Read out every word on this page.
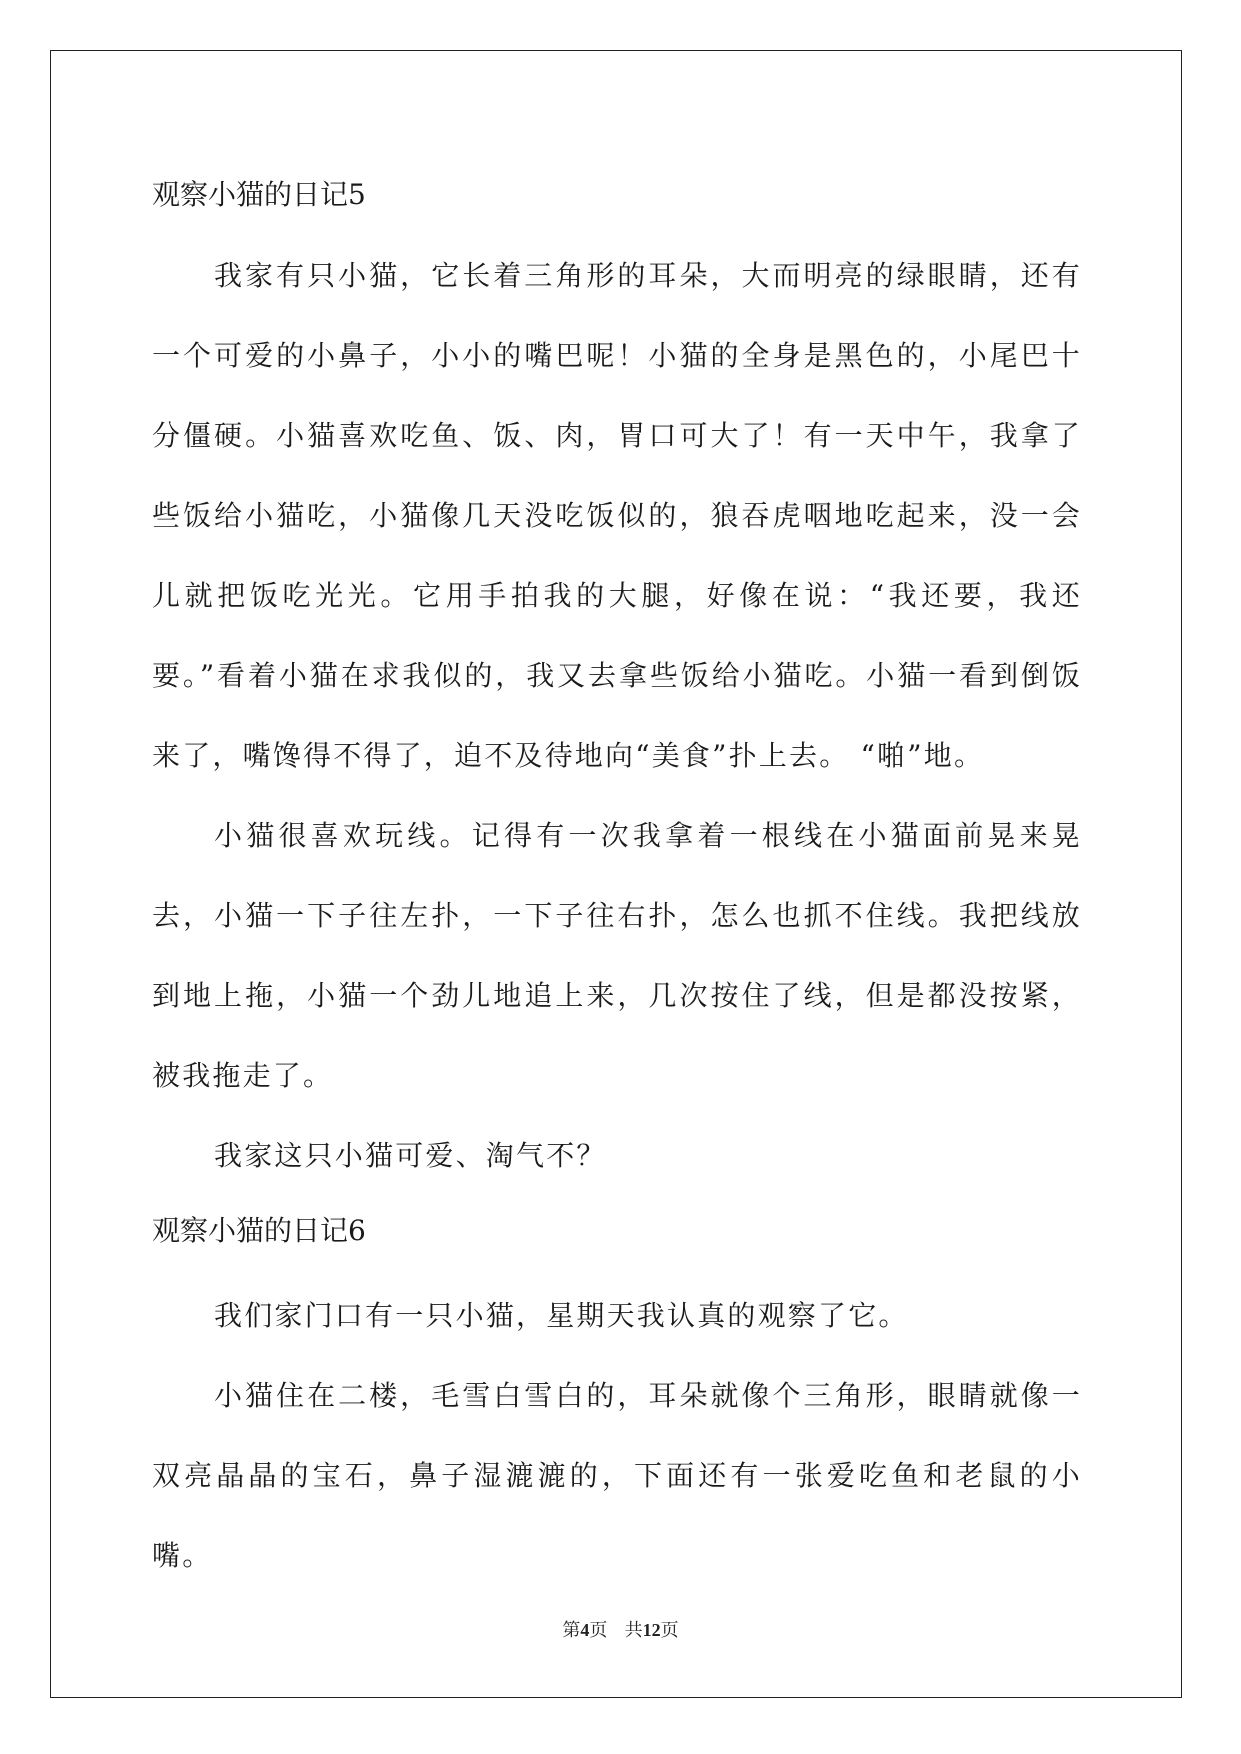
观察小猫的日记5

我家有只小猫，它长着三角形的耳朵，大而明亮的绿眼睛，还有一个可爱的小鼻子，小小的嘴巴呢！小猫的全身是黑色的，小尾巴十分僵硬。小猫喜欢吃鱼、饭、肉，胃口可大了！有一天中午，我拿了些饭给小猫吃，小猫像几天没吃饭似的，狼吞虎咽地吃起来，没一会儿就把饭吃光光。它用手拍我的大腿，好像在说：“我还要，我还要。”看着小猫在求我似的，我又去拿些饭给小猫吃。小猫一看到倒饭来了，嘴馋得不得了，迫不及待地向“美食”扑上去。 “啪”地。

小猫很喜欢玩线。记得有一次我拿着一根线在小猫面前晃来晃去，小猫一下子往左扑，一下子往右扑，怎么也抓不住线。我把线放到地上拖，小猫一个劲儿地追上来，几次按住了线，但是都没按紧，被我拖走了。

我家这只小猫可爱、淘气不？

观察小猫的日记6

我们家门口有一只小猫，星期天我认真的观察了它。

小猫住在二楼，毛雪白雪白的，耳朵就像个三角形，眼睛就像一双亮晶晶的宝石，鼻子湿漉漉的，下面还有一张爱吃鱼和老鼠的小嘴。

第4页 共12页
